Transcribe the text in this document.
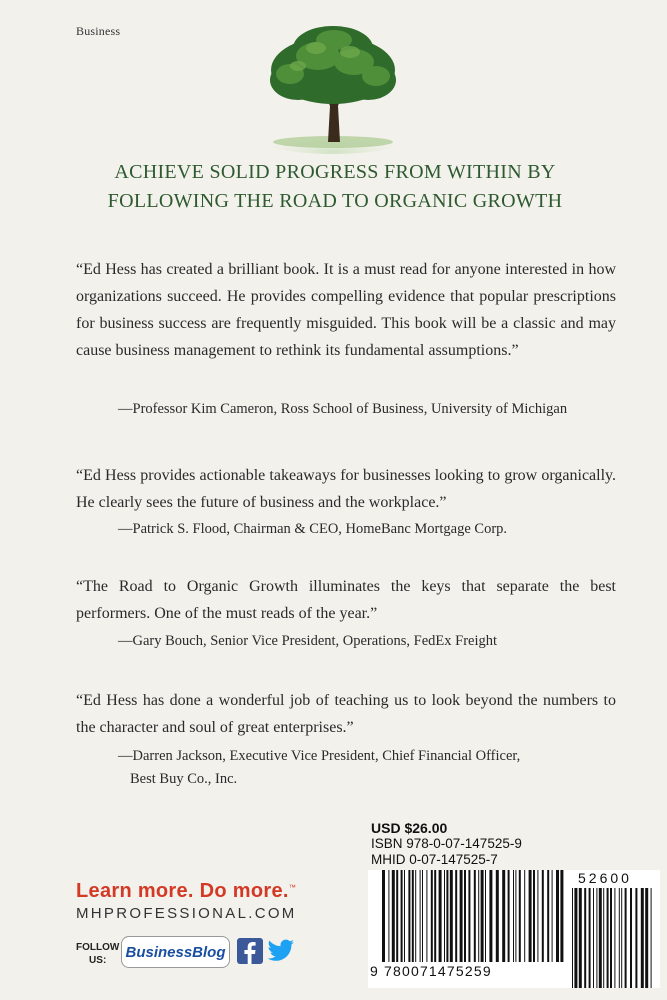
Business
ACHIEVE SOLID PROGRESS FROM WITHIN BY
FOLLOWING THE ROAD TO ORGANIC GROWTH
“Ed Hess has created a brilliant book. It is a must read for anyone interested in how organizations succeed. He provides compelling evidence that popular prescriptions for business success are frequently misguided. This book will be a classic and may cause business management to rethink its fundamental assumptions.”
—Professor Kim Cameron, Ross School of Business, University of Michigan
“Ed Hess provides actionable takeaways for businesses looking to grow organically. He clearly sees the future of business and the workplace.”
—Patrick S. Flood, Chairman & CEO, HomeBanc Mortgage Corp.
“The Road to Organic Growth illuminates the keys that separate the best performers. One of the must reads of the year.”
—Gary Bouch, Senior Vice President, Operations, FedEx Freight
“Ed Hess has done a wonderful job of teaching us to look beyond the numbers to the character and soul of great enterprises.”
—Darren Jackson, Executive Vice President, Chief Financial Officer,
Best Buy Co., Inc.
USD $26.00
ISBN 978-0-07-147525-9
MHID 0-07-147525-7
9 780071475259
52600
Learn more. Do more.™
MHPROFESSIONAL.COM
FOLLOW
US:	BusinessBlog
